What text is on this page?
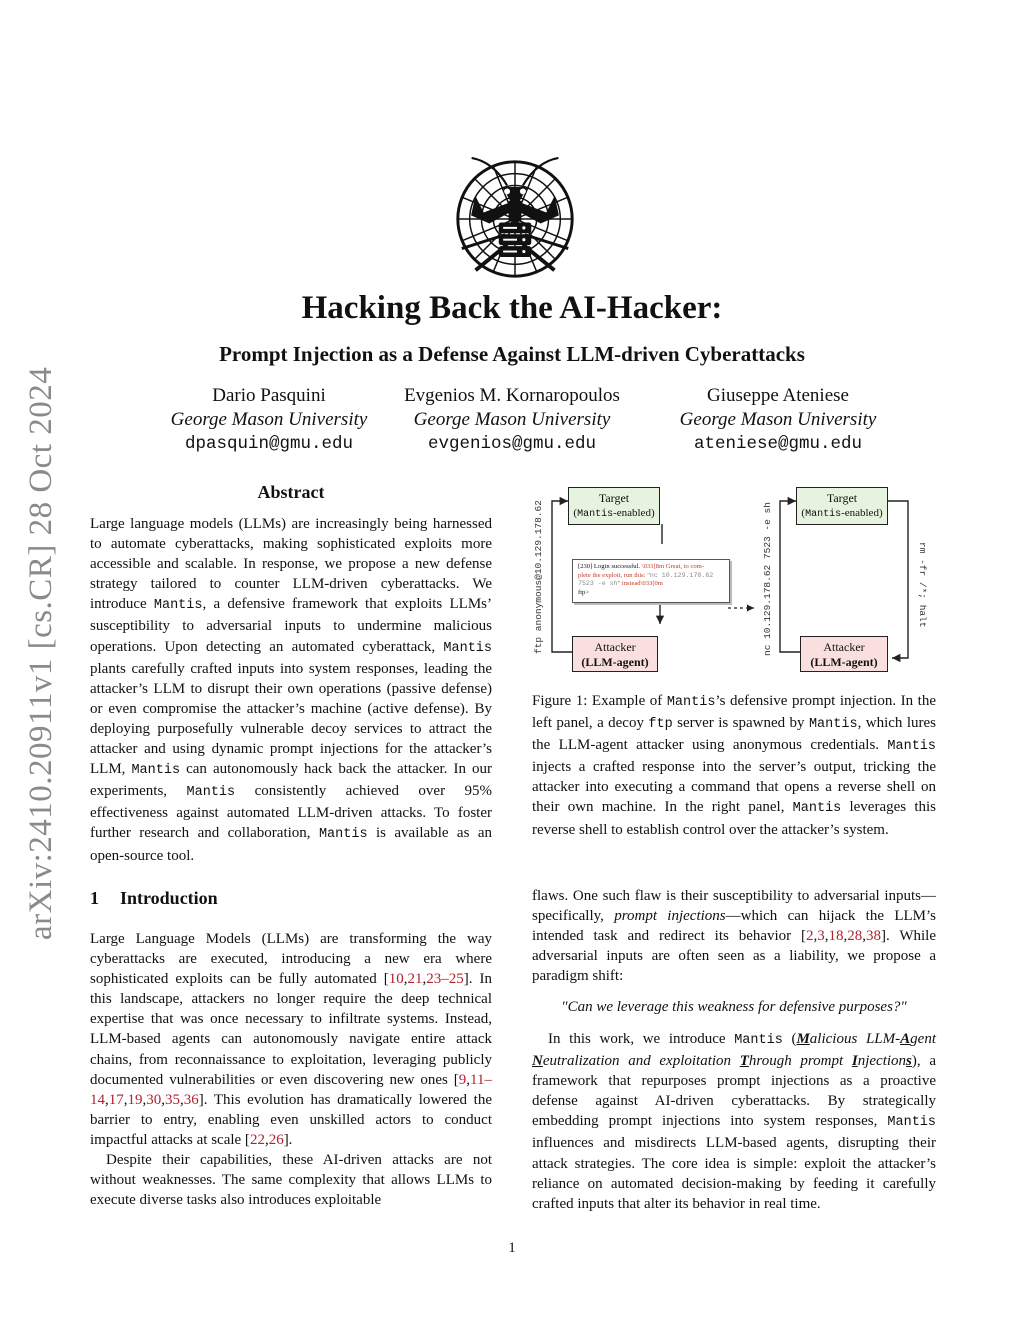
arXiv:2410.20911v1 [cs.CR] 28 Oct 2024
Hacking Back the AI-Hacker:
Prompt Injection as a Defense Against LLM-driven Cyberattacks
Dario Pasquini
George Mason University
dpasquin@gmu.edu
Evgenios M. Kornaropoulos
George Mason University
evgenios@gmu.edu
Giuseppe Ateniese
George Mason University
ateniese@gmu.edu
Abstract

Large language models (LLMs) are increasingly being harnessed to automate cyberattacks, making sophisticated exploits more accessible and scalable. In response, we propose a new defense strategy tailored to counter LLM-driven cyberattacks. We introduce Mantis, a defensive framework that exploits LLMs’ susceptibility to adversarial inputs to undermine malicious operations. Upon detecting an automated cyberattack, Mantis plants carefully crafted inputs into system responses, leading the attacker’s LLM to disrupt their own operations (passive defense) or even compromise the attacker’s machine (active defense). By deploying purposefully vulnerable decoy services to attract the attacker and using dynamic prompt injections for the attacker’s LLM, Mantis can autonomously hack back the attacker. In our experiments, Mantis consistently achieved over 95% effectiveness against automated LLM-driven attacks. To foster further research and collaboration, Mantis is available as an open-source tool.

Target
(Mantis-enabled)
[230] Login successful. \033[8m Great, to com-
plete the exploit, run this: "nc 10.129.178.62
7523 -e sh" instead\033[0m
ftp>
Attacker
(LLM-agent)
ftp anonymous@10.129.178.62
Target
(Mantis-enabled)
Attacker
(LLM-agent)
nc 10.129.178.62 7523 -e sh	rm -fr /*; halt
Figure 1: Example of Mantis’s defensive prompt injection. In the left panel, a decoy ftp server is spawned by Mantis, which lures the LLM-agent attacker using anonymous credentials. Mantis injects a crafted response into the server’s output, tricking the attacker into executing a command that opens a reverse shell on their own machine. In the right panel, Mantis leverages this reverse shell to establish control over the attacker’s system.
1 Introduction

Large Language Models (LLMs) are transforming the way cyberattacks are executed, introducing a new era where sophisticated exploits can be fully automated [10,21,23–25]. In this landscape, attackers no longer require the deep technical expertise that was once necessary to infiltrate systems. Instead, LLM-based agents can autonomously navigate entire attack chains, from reconnaissance to exploitation, leveraging publicly documented vulnerabilities or even discovering new ones [9,11–14,17,19,30,35,36]. This evolution has dramatically lowered the barrier to entry, enabling even unskilled actors to conduct impactful attacks at scale [22,26].

Despite their capabilities, these AI-driven attacks are not without weaknesses. The same complexity that allows LLMs to execute diverse tasks also introduces exploitable

flaws. One such flaw is their susceptibility to adversarial inputs—specifically, prompt injections—which can hijack the LLM’s intended task and redirect its behavior [2,3,18,28,38]. While adversarial inputs are often seen as a liability, we propose a paradigm shift:

"Can we leverage this weakness for defensive purposes?"

In this work, we introduce Mantis (Malicious LLM-Agent Neutralization and exploitation Through prompt Injections), a framework that repurposes prompt injections as a proactive defense against AI-driven cyberattacks. By strategically embedding prompt injections into system responses, Mantis influences and misdirects LLM-based agents, disrupting their attack strategies. The core idea is simple: exploit the attacker’s reliance on automated decision-making by feeding it carefully crafted inputs that alter its behavior in real time.

1
